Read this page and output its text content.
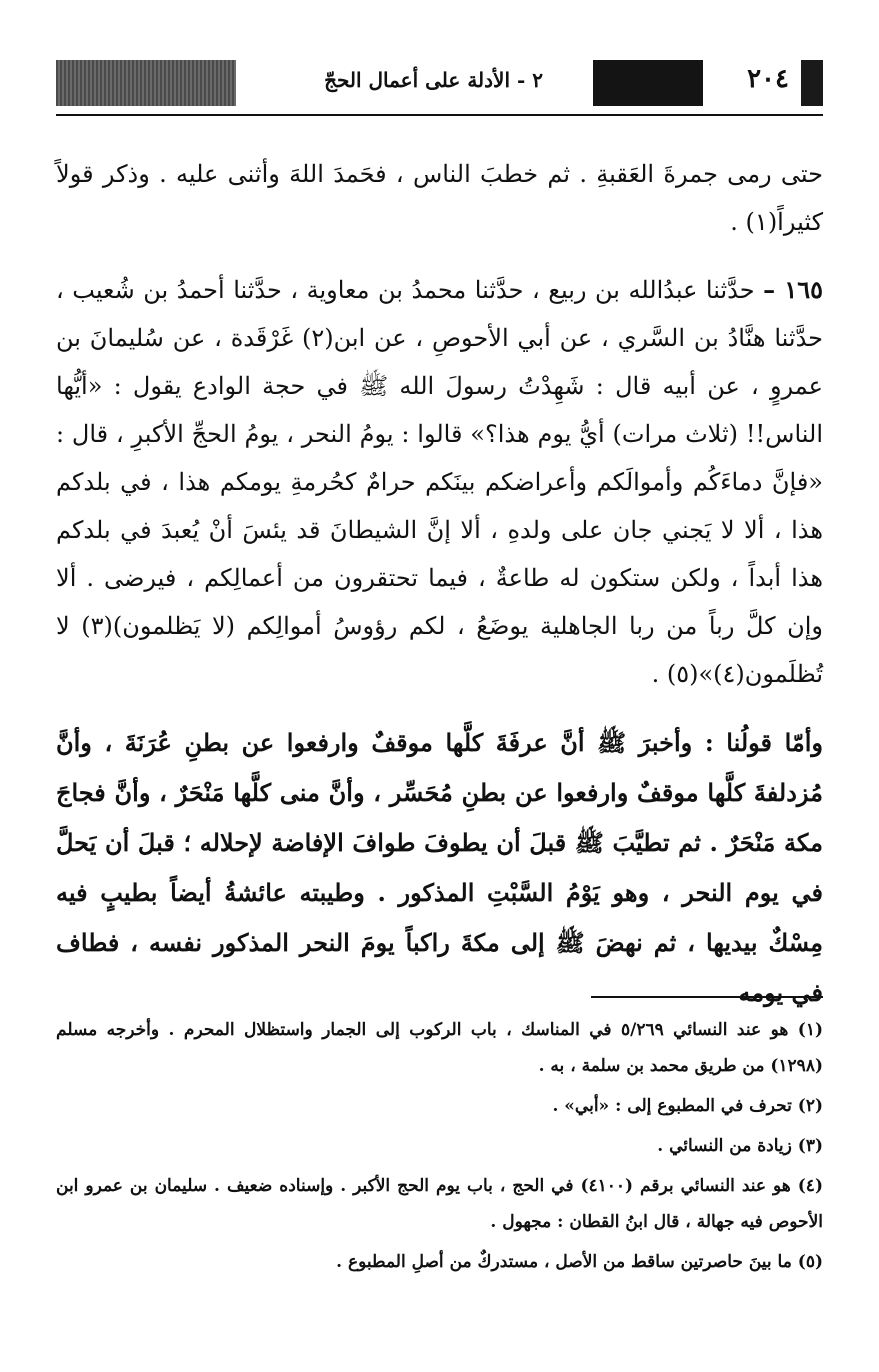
٢٠٤
٢ - الأدلة على أعمال الحجّ

حتى رمى جمرةَ العَقبةِ . ثم خطبَ الناس ، فحَمدَ اللهَ وأثنى عليه . وذكر قولاً كثيراً(١) .

١٦٥ – حدَّثنا عبدُالله بن ربيع ، حدَّثنا محمدُ بن معاوية ، حدَّثنا أحمدُ بن شُعيب ، حدَّثنا هنَّادُ بن السَّري ، عن أبي الأحوصِ ، عن ابن(٢) غَرْقَدة ، عن سُليمانَ بن عمروٍ ، عن أبيه قال : شَهِدْتُ رسولَ الله ﷺ في حجة الوادع يقول : «أيُّها الناس!! (ثلاث مرات) أيُّ يوم هذا؟» قالوا : يومُ النحر ، يومُ الحجِّ الأكبرِ ، قال : «فإنَّ دماءَكُم وأموالَكم وأعراضكم بينَكم حرامٌ كحُرمةِ يومكم هذا ، في بلدكم هذا ، ألا لا يَجني جان على ولدهِ ، ألا إنَّ الشيطانَ قد يئسَ أنْ يُعبدَ في بلدكم هذا أبداً ، ولكن ستكون له طاعةٌ ، فيما تحتقرون من أعمالِكم ، فيرضى . ألا وإن كلَّ رباً من ربا الجاهلية يوضَعُ ، لكم رؤوسُ أموالِكم (لا يَظلمون)(٣) لا تُظلَمون(٤)»(٥) .

وأمّا قولُنا : وأخبرَ ﷺ أنَّ عرفَةَ كلَّها موقفٌ وارفعوا عن بطنِ عُرَنَةَ ، وأنَّ مُزدلفةَ كلَّها موقفٌ وارفعوا عن بطنِ مُحَسِّر ، وأنَّ منى كلَّها مَنْحَرٌ ، وأنَّ فجاجَ مكة مَنْحَرٌ . ثم تطيَّبَ ﷺ قبلَ أن يطوفَ طوافَ الإفاضة لإحلاله ؛ قبلَ أن يَحلَّ في يوم النحر ، وهو يَوْمُ السَّبْتِ المذكور . وطيبته عائشةُ أيضاً بطيبٍ فيه مِسْكٌ بيديها ، ثم نهضَ ﷺ إلى مكةَ راكباً يومَ النحر المذكور نفسه ، فطاف في يومه

(١) هو عند النسائي ٥/٢٦٩ في المناسك ، باب الركوب إلى الجمار واستظلال المحرم . وأخرجه مسلم (١٢٩٨) من طريق محمد بن سلمة ، به .

(٢) تحرف في المطبوع إلى : «أبي» .

(٣) زيادة من النسائي .

(٤) هو عند النسائي برقم (٤١٠٠) في الحج ، باب يوم الحج الأكبر . وإسناده ضعيف . سليمان بن عمرو ابن الأحوص فيه جهالة ، قال ابنُ القطان : مجهول .

(٥) ما بينَ حاصرتين ساقط من الأصل ، مستدركٌ من أصلِ المطبوع .
